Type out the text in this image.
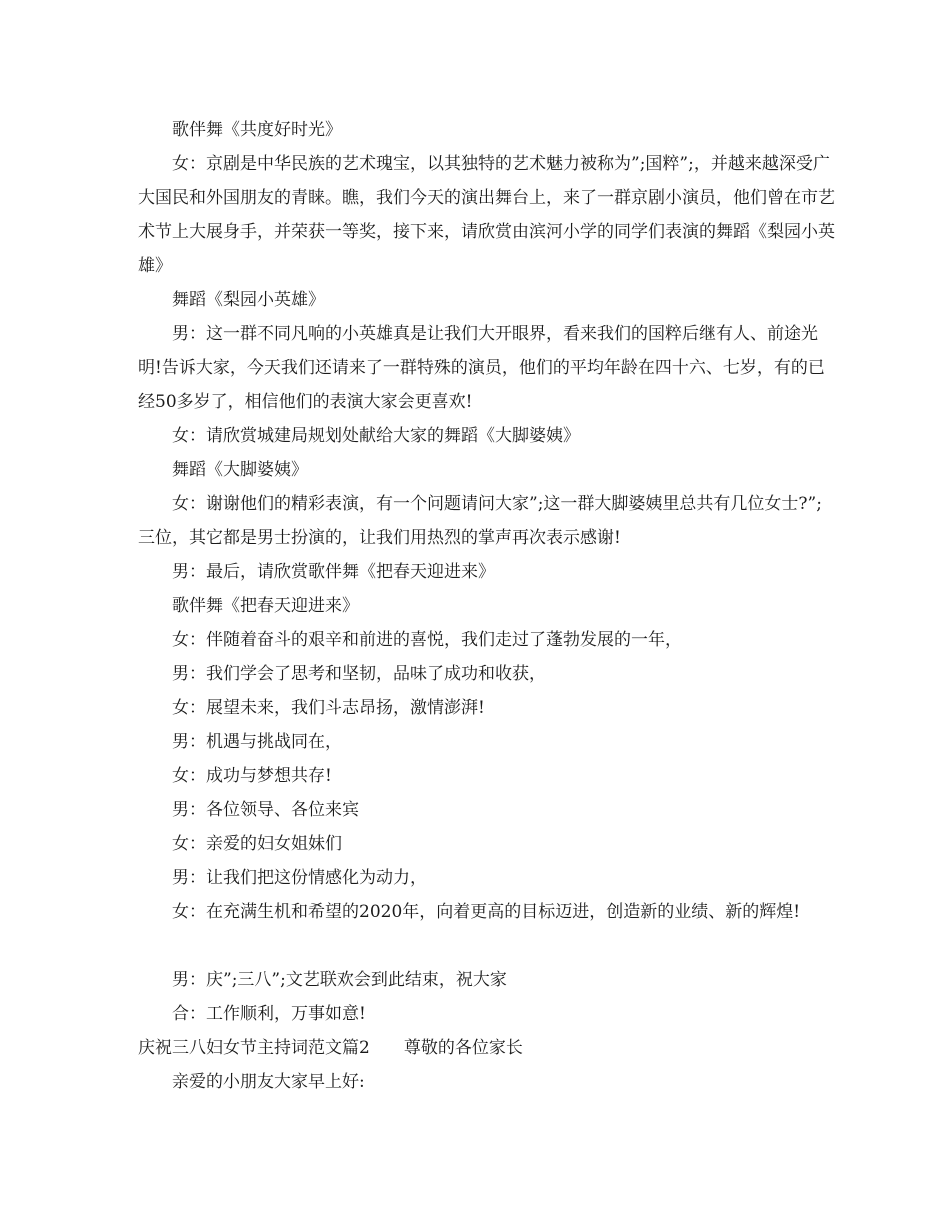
歌伴舞《共度好时光》

女：京剧是中华民族的艺术瑰宝，以其独特的艺术魅力被称为”;国粹”;，并越来越深受广大国民和外国朋友的青睐。瞧，我们今天的演出舞台上，来了一群京剧小演员，他们曾在市艺术节上大展身手，并荣获一等奖，接下来，请欣赏由滨河小学的同学们表演的舞蹈《梨园小英雄》

舞蹈《梨园小英雄》

男：这一群不同凡响的小英雄真是让我们大开眼界，看来我们的国粹后继有人、前途光明!告诉大家，今天我们还请来了一群特殊的演员，他们的平均年龄在四十六、七岁，有的已经50多岁了，相信他们的表演大家会更喜欢!

女：请欣赏城建局规划处献给大家的舞蹈《大脚婆姨》

舞蹈《大脚婆姨》

女：谢谢他们的精彩表演，有一个问题请问大家”;这一群大脚婆姨里总共有几位女士?”;三位，其它都是男士扮演的，让我们用热烈的掌声再次表示感谢!

男：最后，请欣赏歌伴舞《把春天迎进来》

歌伴舞《把春天迎进来》

女：伴随着奋斗的艰辛和前进的喜悦，我们走过了蓬勃发展的一年，

男：我们学会了思考和坚韧，品味了成功和收获，

女：展望未来，我们斗志昂扬，激情澎湃!

男：机遇与挑战同在，

女：成功与梦想共存!

男：各位领导、各位来宾

女：亲爱的妇女姐妹们

男：让我们把这份情感化为动力，

女：在充满生机和希望的2020年，向着更高的目标迈进，创造新的业绩、新的辉煌!

男：庆”;三八”;文艺联欢会到此结束，祝大家

合：工作顺利，万事如意!

庆祝三八妇女节主持词范文篇2　　尊敬的各位家长

亲爱的小朋友大家早上好:
